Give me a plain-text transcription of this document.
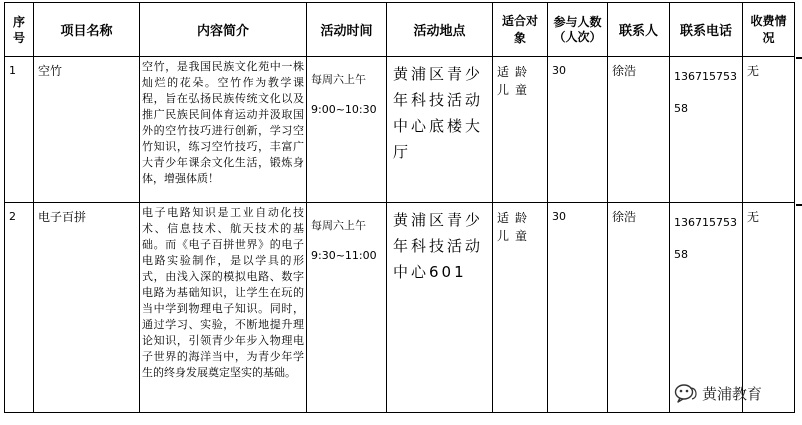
序号	项目名称	内容简介	活动时间	活动地点	适合对象	参与人数（人次）	联系人	联系电话	收费情况

1	空竹	空竹，是我国民族文化苑中一株灿烂的花朵。空竹作为教学课程，旨在弘扬民族传统文化以及推广民族民间体育运动并汲取国外的空竹技巧进行创新，学习空竹知识，练习空竹技巧，丰富广大青少年课余文化生活，锻炼身体，增强体质！	每周六上午
9:00~10:30	黄浦区青少年科技活动中心底楼大厅	适龄儿童	30	徐浩	13671575358	无

2	电子百拼	电子电路知识是工业自动化技术、信息技术、航天技术的基础。而《电子百拼世界》的电子电路实验制作，是以学具的形式，由浅入深的模拟电路、数字电路为基础知识，让学生在玩的当中学到物理电子知识。同时，通过学习、实验，不断地提升理论知识，引领青少年步入物理电子世界的海洋当中，为青少年学生的终身发展奠定坚实的基础。	每周六上午
9:30~11:00	黄浦区青少年科技活动中心601	适龄儿童	30	徐浩	13671575358	无
黄浦教育
